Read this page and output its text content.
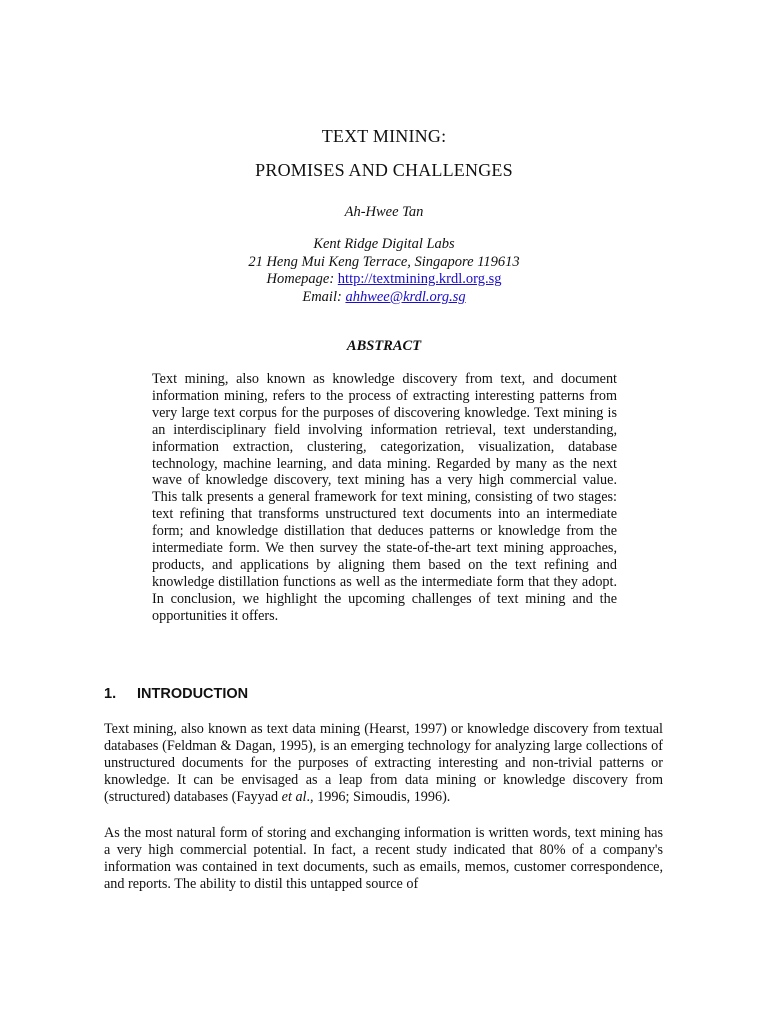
TEXT MINING:
PROMISES AND CHALLENGES
Ah-Hwee Tan
Kent Ridge Digital Labs
21 Heng Mui Keng Terrace, Singapore 119613
Homepage: http://textmining.krdl.org.sg
Email: ahhwee@krdl.org.sg
ABSTRACT
Text mining, also known as knowledge discovery from text, and document information mining, refers to the process of extracting interesting patterns from very large text corpus for the purposes of discovering knowledge. Text mining is an interdisciplinary field involving information retrieval, text understanding, information extraction, clustering, categorization, visualization, database technology, machine learning, and data mining. Regarded by many as the next wave of knowledge discovery, text mining has a very high commercial value. This talk presents a general framework for text mining, consisting of two stages: text refining that transforms unstructured text documents into an intermediate form; and knowledge distillation that deduces patterns or knowledge from the intermediate form. We then survey the state-of-the-art text mining approaches, products, and applications by aligning them based on the text refining and knowledge distillation functions as well as the intermediate form that they adopt. In conclusion, we highlight the upcoming challenges of text mining and the opportunities it offers.
1. INTRODUCTION
Text mining, also known as text data mining (Hearst, 1997) or knowledge discovery from textual databases (Feldman & Dagan, 1995), is an emerging technology for analyzing large collections of unstructured documents for the purposes of extracting interesting and non-trivial patterns or knowledge. It can be envisaged as a leap from data mining or knowledge discovery from (structured) databases (Fayyad et al., 1996; Simoudis, 1996).
As the most natural form of storing and exchanging information is written words, text mining has a very high commercial potential. In fact, a recent study indicated that 80% of a company's information was contained in text documents, such as emails, memos, customer correspondence, and reports. The ability to distil this untapped source of
